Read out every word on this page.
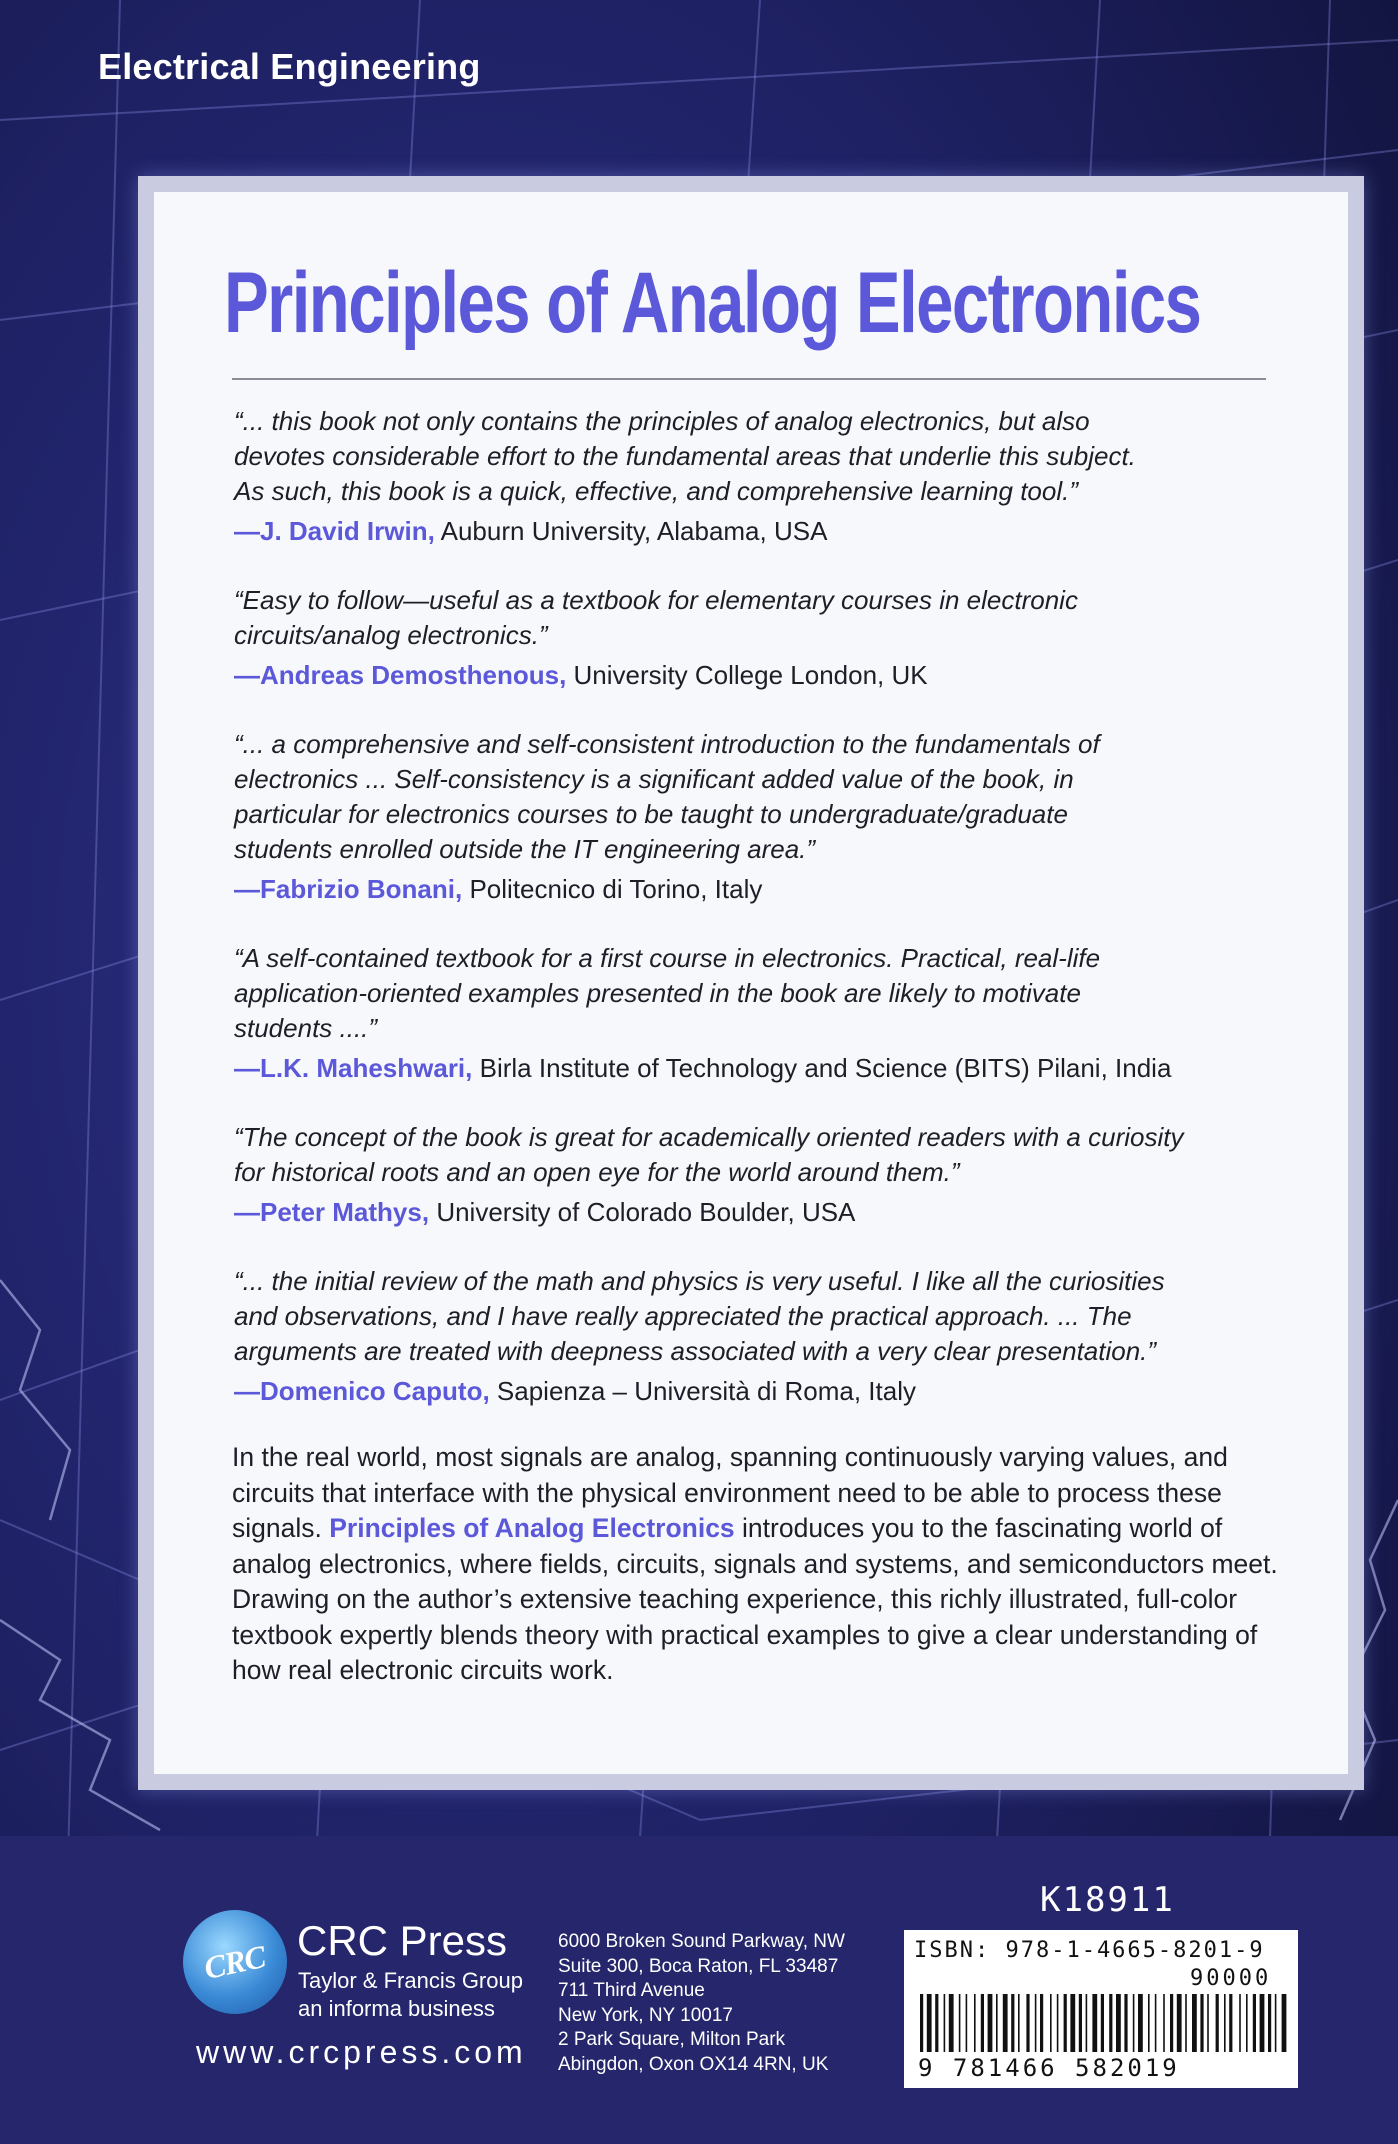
Electrical Engineering
Principles of Analog Electronics

“... this book not only contains the principles of analog electronics, but also
devotes considerable effort to the fundamental areas that underlie this subject.
As such, this book is a quick, effective, and comprehensive learning tool.”

—J. David Irwin, Auburn University, Alabama, USA

“Easy to follow—useful as a textbook for elementary courses in electronic
circuits/analog electronics.”

—Andreas Demosthenous, University College London, UK

“... a comprehensive and self-consistent introduction to the fundamentals of
electronics ... Self-consistency is a significant added value of the book, in
particular for electronics courses to be taught to undergraduate/graduate
students enrolled outside the IT engineering area.”

—Fabrizio Bonani, Politecnico di Torino, Italy

“A self-contained textbook for a first course in electronics. Practical, real-life
application-oriented examples presented in the book are likely to motivate
students ....”

—L.K. Maheshwari, Birla Institute of Technology and Science (BITS) Pilani, India

“The concept of the book is great for academically oriented readers with a curiosity
for historical roots and an open eye for the world around them.”

—Peter Mathys, University of Colorado Boulder, USA

“... the initial review of the math and physics is very useful. I like all the curiosities
and observations, and I have really appreciated the practical approach. ... The
arguments are treated with deepness associated with a very clear presentation.”

—Domenico Caputo, Sapienza – Università di Roma, Italy

In the real world, most signals are analog, spanning continuously varying values, and circuits that interface with the physical environment need to be able to process these signals. Principles of Analog Electronics introduces you to the fascinating world of analog electronics, where fields, circuits, signals and systems, and semiconductors meet. Drawing on the author’s extensive teaching experience, this richly illustrated, full-color textbook expertly blends theory with practical examples to give a clear understanding of how real electronic circuits work.

CRC CRC Press

Taylor & Francis Group

an informa business

www.crcpress.com

6000 Broken Sound Parkway, NW

Suite 300, Boca Raton, FL 33487

711 Third Avenue

New York, NY 10017

2 Park Square, Milton Park

Abingdon, Oxon OX14 4RN, UK

K18911

ISBN: 978-1-4665-8201-9

90000

9 781466 582019
